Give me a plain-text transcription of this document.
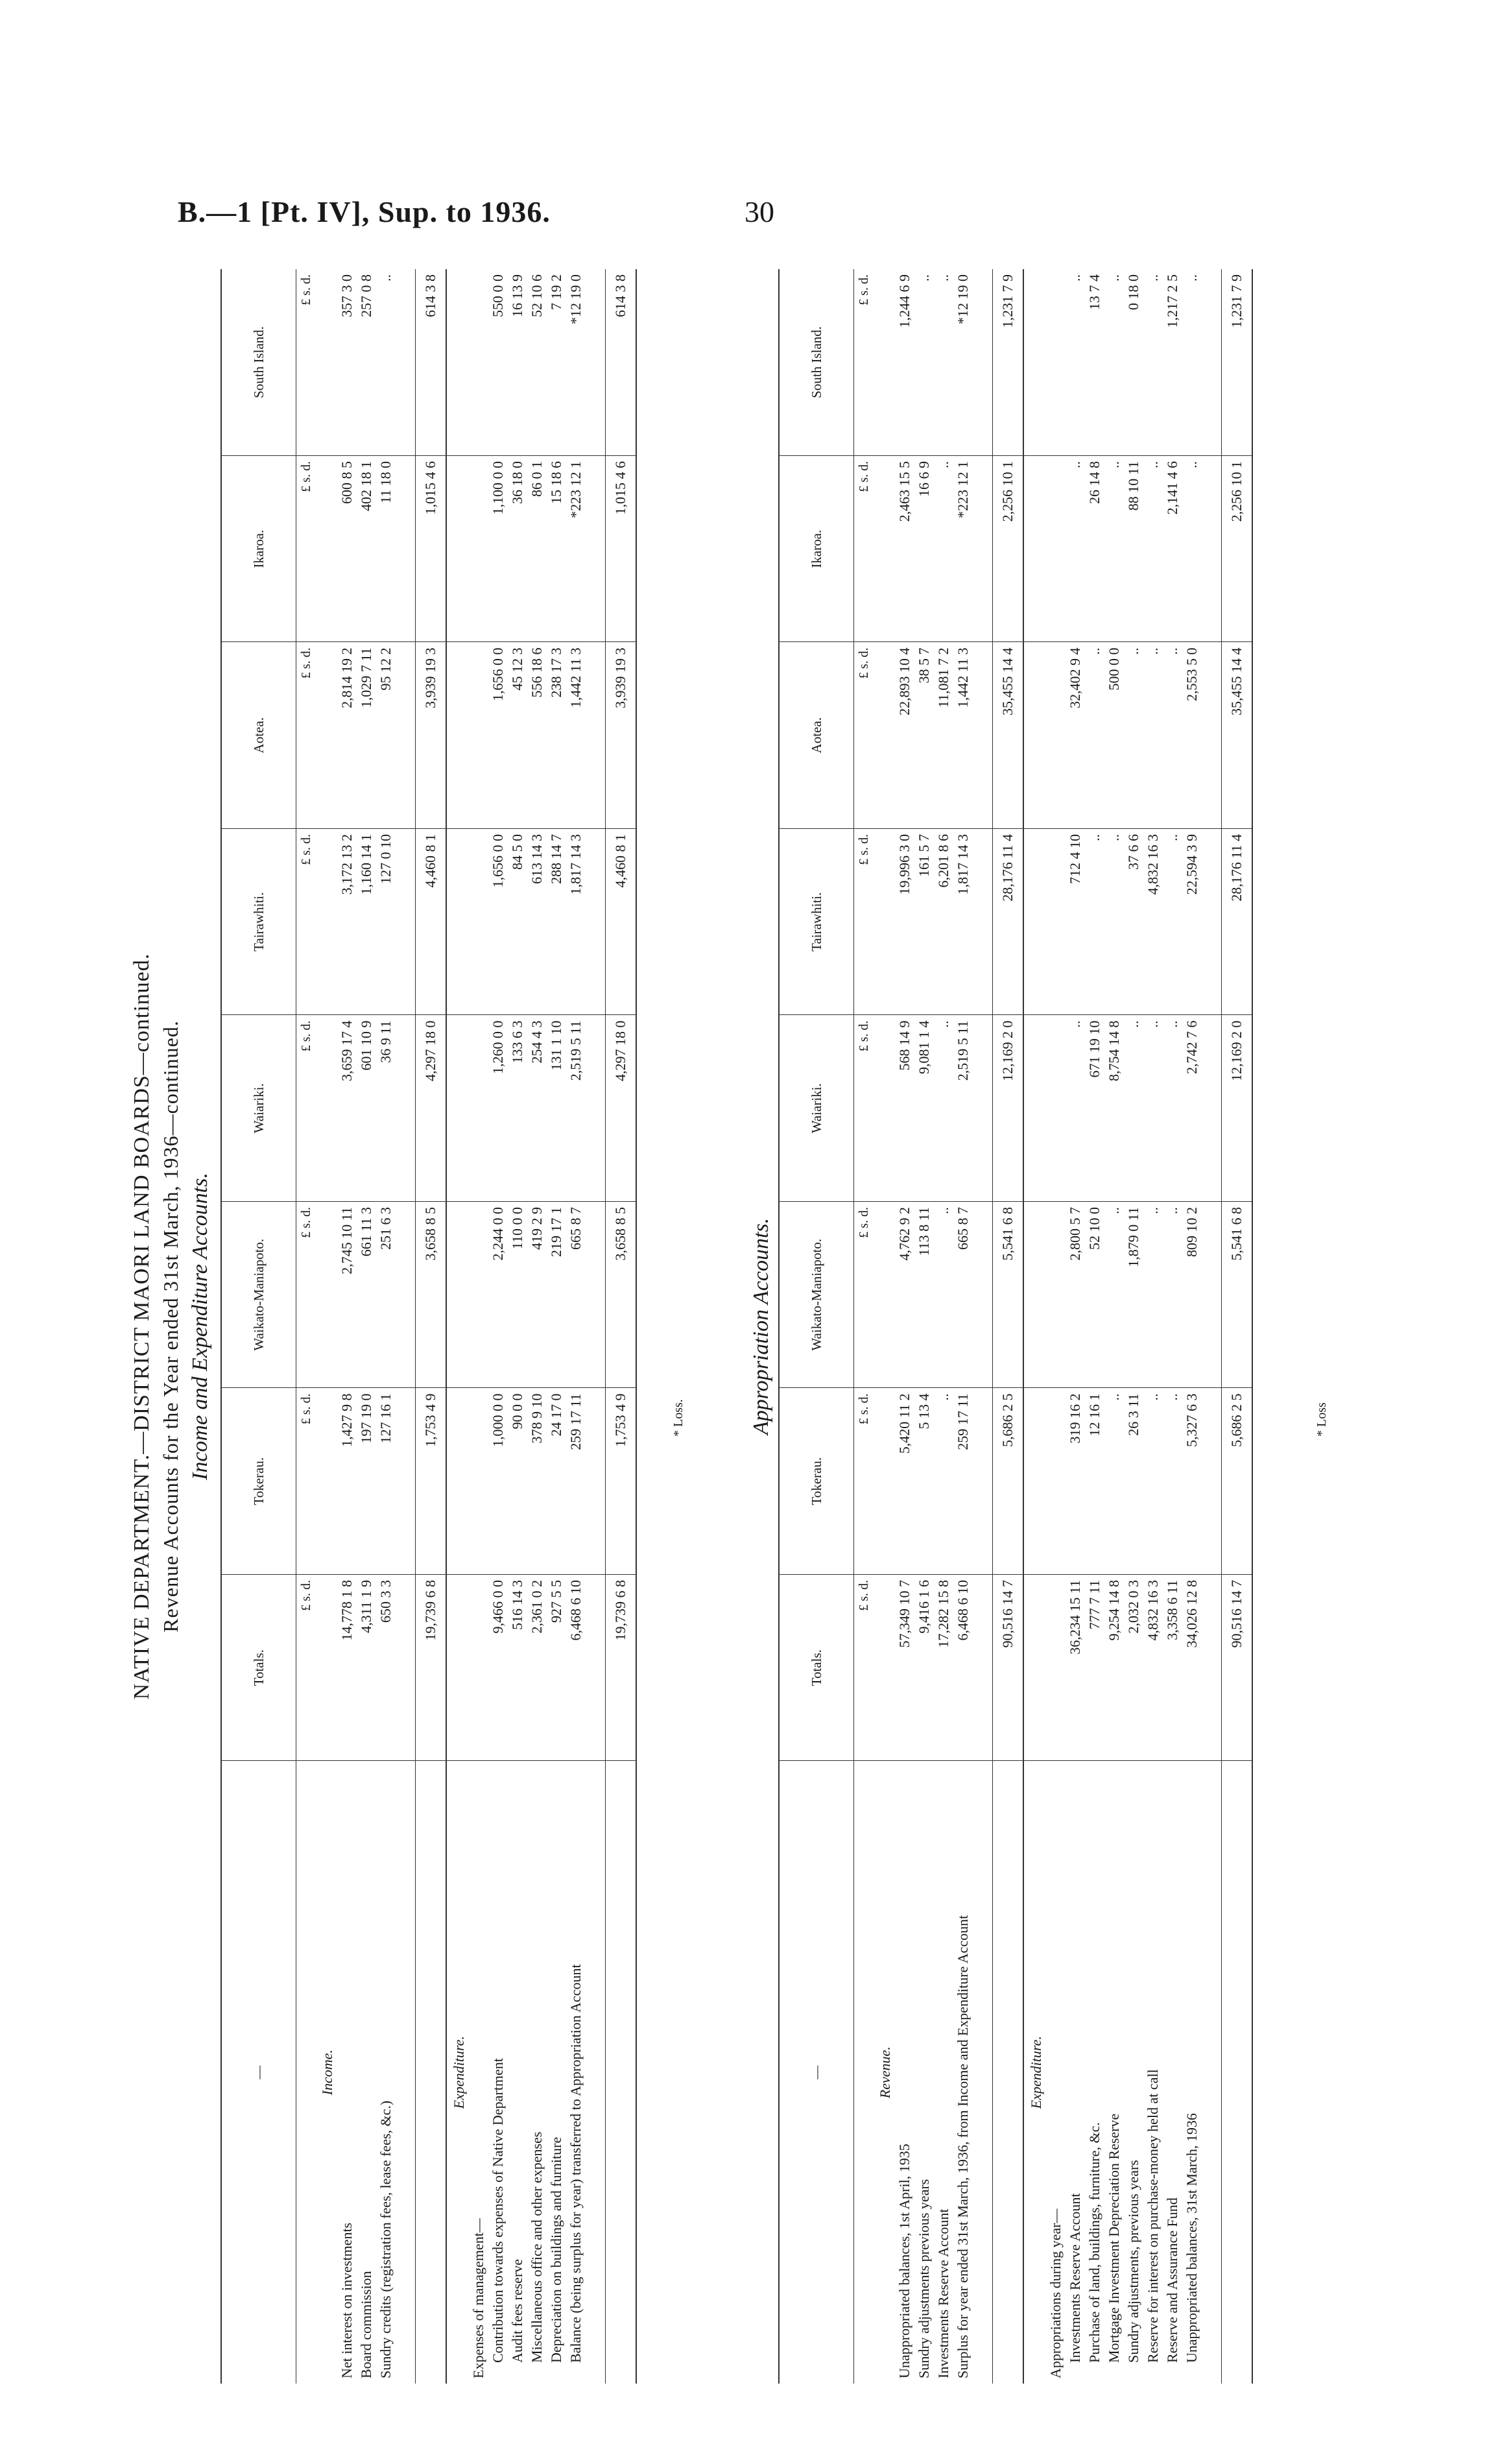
B.—1 [Pt. IV], Sup. to 1936.	30
NATIVE DEPARTMENT.—DISTRICT MAORI LAND BOARDS—continued. Revenue Accounts for the Year ended 31st March, 1936—continued. Income and Expenditure Accounts.
—	Totals.	Tokerau.	Waikato-Maniapoto.	Waiariki.	Tairawhiti.	Aotea.	Ikaroa.	South Island.
	£ s. d.	£ s. d.	£ s. d.	£ s. d.	£ s. d.	£ s. d.	£ s. d.	£ s. d.
Income.								
Net interest on investments	14,778 1 8	1,427 9 8	2,745 10 11	3,659 17 4	3,172 13 2	2,814 19 2	600 8 5	357 3 0
Board commission	4,311 1 9	197 19 0	661 11 3	601 10 9	1,160 14 1	1,029 7 11	402 18 1	257 0 8
Sundry credits (registration fees, lease fees, &c.)	650 3 3	127 16 1	251 6 3	36 9 11	127 0 10	95 12 2	11 18 0	..

	19,739 6 8	1,753 4 9	3,658 8 5	4,297 18 0	4,460 8 1	3,939 19 3	1,015 4 6	614 3 8
Expenditure.								
Expenses of management—								
Contribution towards expenses of Native Department	9,466 0 0	1,000 0 0	2,244 0 0	1,260 0 0	1,656 0 0	1,656 0 0	1,100 0 0	550 0 0
Audit fees reserve	516 14 3	90 0 0	110 0 0	133 6 3	84 5 0	45 12 3	36 18 0	16 13 9
Miscellaneous office and other expenses	2,361 0 2	378 9 10	419 2 9	254 4 3	613 14 3	556 18 6	86 0 1	52 10 6
Depreciation on buildings and furniture	927 5 5	24 17 0	219 17 1	131 1 10	288 14 7	238 17 3	15 18 6	7 19 2
Balance (being surplus for year) transferred to Appropriation Account	6,468 6 10	259 17 11	665 8 7	2,519 5 11	1,817 14 3	1,442 11 3	*223 12 1	*12 19 0

	19,739 6 8	1,753 4 9	3,658 8 5	4,297 18 0	4,460 8 1	3,939 19 3	1,015 4 6	614 3 8
* Loss.	Appropriation Accounts.
—	Totals.	Tokerau.	Waikato-Maniapoto.	Waiariki.	Tairawhiti.	Aotea.	Ikaroa.	South Island.
	£ s. d.	£ s. d.	£ s. d.	£ s. d.	£ s. d.	£ s. d.	£ s. d.	£ s. d.
Revenue.								
Unappropriated balances, 1st April, 1935	57,349 10 7	5,420 11 2	4,762 9 2	568 14 9	19,996 3 0	22,893 10 4	2,463 15 5	1,244 6 9
Sundry adjustments previous years	9,416 1 6	5 13 4	113 8 11	9,081 1 4	161 5 7	38 5 7	16 6 9	..
Investments Reserve Account	17,282 15 8	..	..	..	6,201 8 6	11,081 7 2	..	..
Surplus for year ended 31st March, 1936, from Income and Expenditure Account	6,468 6 10	259 17 11	665 8 7	2,519 5 11	1,817 14 3	1,442 11 3	*223 12 1	*12 19 0

	90,516 14 7	5,686 2 5	5,541 6 8	12,169 2 0	28,176 11 4	35,455 14 4	2,256 10 1	1,231 7 9
Expenditure.								
Appropriations during year—								
Investments Reserve Account	36,234 15 11	319 16 2	2,800 5 7	..	712 4 10	32,402 9 4	..	..
Purchase of land, buildings, furniture, &c.	777 7 11	12 16 1	52 10 0	671 19 10	..	..	26 14 8	13 7 4
Mortgage Investment Depreciation Reserve	9,254 14 8	..	..	8,754 14 8	..	500 0 0	..	..
Sundry adjustments, previous years	2,032 0 3	26 3 11	1,879 0 11	..	37 6 6	..	88 10 11	0 18 0
Reserve for interest on purchase-money held at call	4,832 16 3	..	..	..	4,832 16 3	..	..	..
Reserve and Assurance Fund	3,358 6 11	..	..	..	..	..	2,141 4 6	1,217 2 5
Unappropriated balances, 31st March, 1936	34,026 12 8	5,327 6 3	809 10 2	2,742 7 6	22,594 3 9	2,553 5 0	..	..

	90,516 14 7	5,686 2 5	5,541 6 8	12,169 2 0	28,176 11 4	35,455 14 4	2,256 10 1	1,231 7 9
* Loss
